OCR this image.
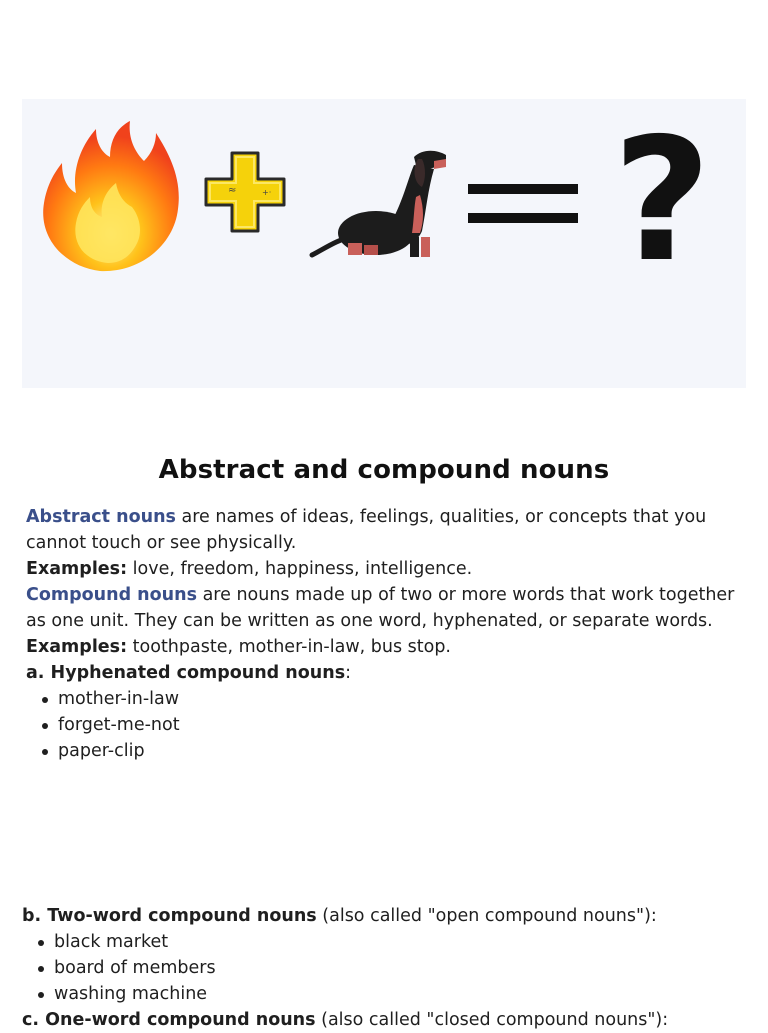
≈	+· ?
Abstract and compound nouns

Abstract nouns are names of ideas, feelings, qualities, or concepts that you cannot touch or see physically.

Examples: love, freedom, happiness, intelligence.

Compound nouns are nouns made up of two or more words that work together as one unit. They can be written as one word, hyphenated, or separate words.

Examples: toothpaste, mother-in-law, bus stop.

a. Hyphenated compound nouns:

mother-in-law
forget-me-not
paper-clip

b. Two-word compound nouns (also called "open compound nouns"):

black market
board of members
washing machine

c. One-word compound nouns (also called "closed compound nouns"):
